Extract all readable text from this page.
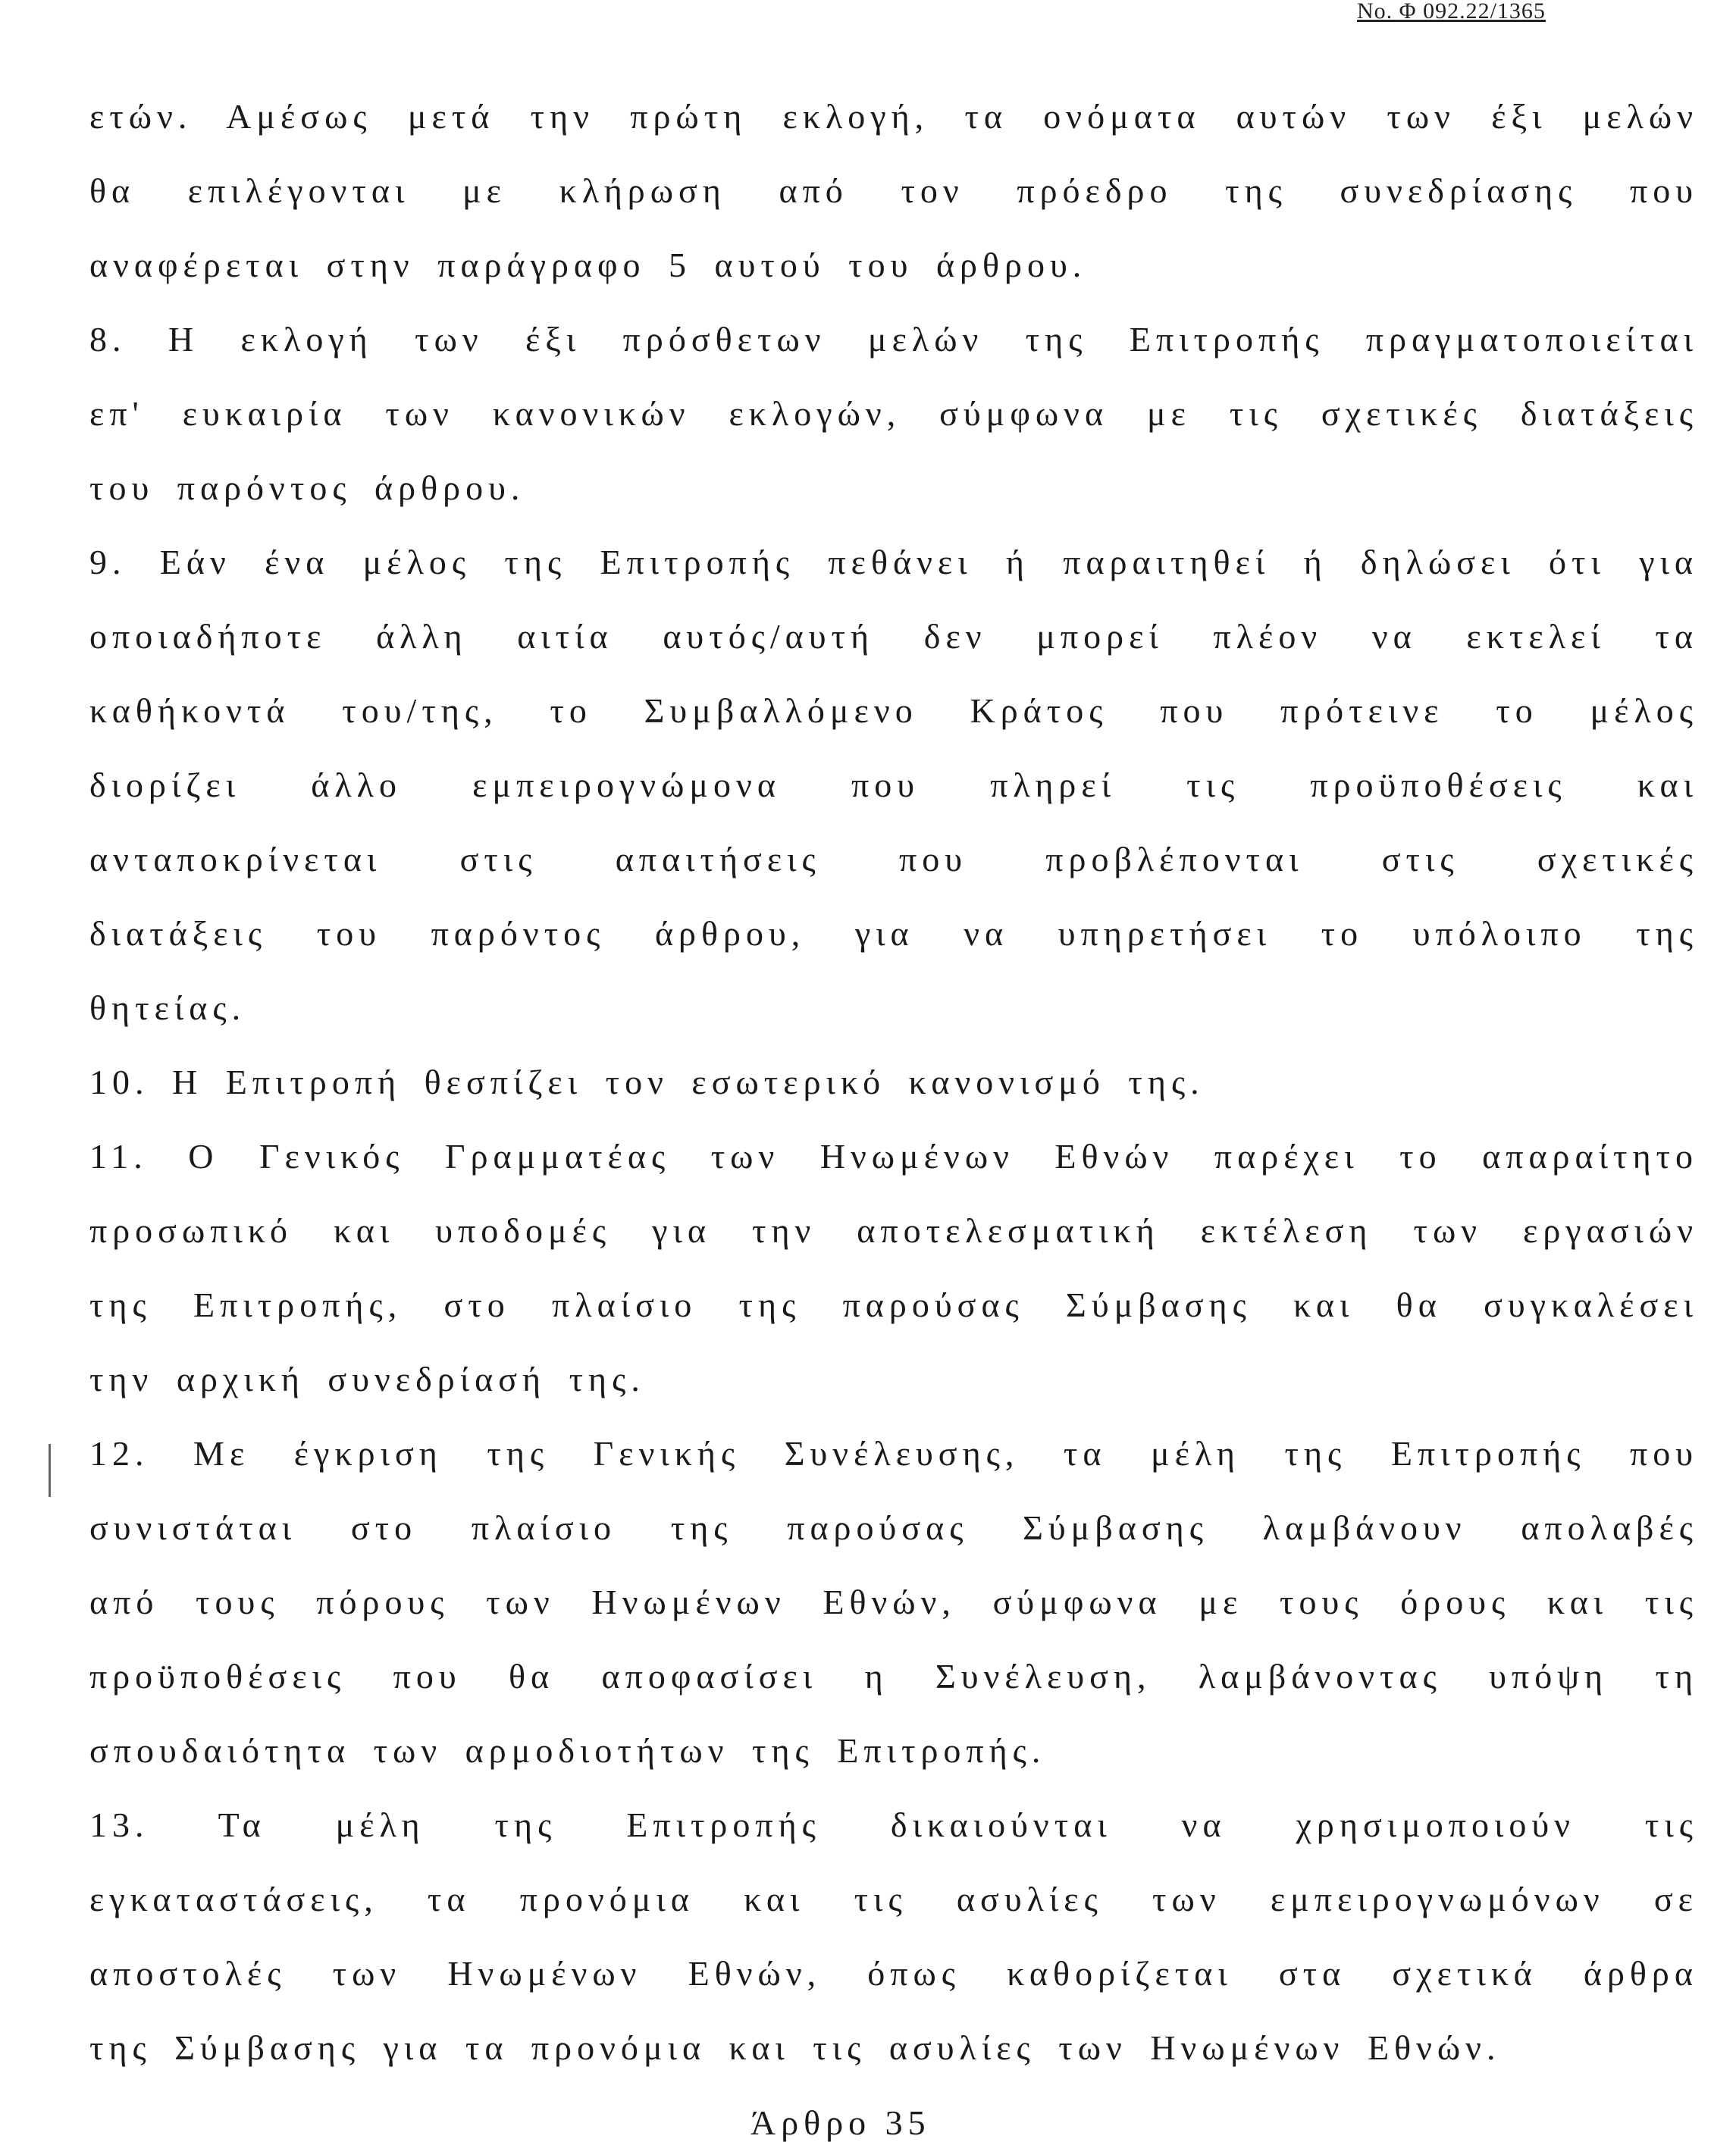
Νο. Φ 092.22/1365
ετών. Αμέσως μετά την πρώτη εκλογή, τα ονόματα αυτών των έξι μελών
θα επιλέγονται με κλήρωση από τον πρόεδρο της συνεδρίασης που
αναφέρεται στην παράγραφο 5 αυτού του άρθρου.
8. Η εκλογή των έξι πρόσθετων μελών της Επιτροπής πραγματοποιείται
επ' ευκαιρία των κανονικών εκλογών, σύμφωνα με τις σχετικές διατάξεις
του παρόντος άρθρου.
9. Εάν ένα μέλος της Επιτροπής πεθάνει ή παραιτηθεί ή δηλώσει ότι για
οποιαδήποτε άλλη αιτία αυτός/αυτή δεν μπορεί πλέον να εκτελεί τα
καθήκοντά του/της, το Συμβαλλόμενο Κράτος που πρότεινε το μέλος
διορίζει άλλο εμπειρογνώμονα που πληρεί τις προϋποθέσεις και
ανταποκρίνεται στις απαιτήσεις που προβλέπονται στις σχετικές
διατάξεις του παρόντος άρθρου, για να υπηρετήσει το υπόλοιπο της
θητείας.
10. Η Επιτροπή θεσπίζει τον εσωτερικό κανονισμό της.
11. Ο Γενικός Γραμματέας των Ηνωμένων Εθνών παρέχει το απαραίτητο
προσωπικό και υποδομές για την αποτελεσματική εκτέλεση των εργασιών
της Επιτροπής, στο πλαίσιο της παρούσας Σύμβασης και θα συγκαλέσει
την αρχική συνεδρίασή της.
12. Με έγκριση της Γενικής Συνέλευσης, τα μέλη της Επιτροπής που
συνιστάται στο πλαίσιο της παρούσας Σύμβασης λαμβάνουν απολαβές
από τους πόρους των Ηνωμένων Εθνών, σύμφωνα με τους όρους και τις
προϋποθέσεις που θα αποφασίσει η Συνέλευση, λαμβάνοντας υπόψη τη
σπουδαιότητα των αρμοδιοτήτων της Επιτροπής.
13. Τα μέλη της Επιτροπής δικαιούνται να χρησιμοποιούν τις
εγκαταστάσεις, τα προνόμια και τις ασυλίες των εμπειρογνωμόνων σε
αποστολές των Ηνωμένων Εθνών, όπως καθορίζεται στα σχετικά άρθρα
της Σύμβασης για τα προνόμια και τις ασυλίες των Ηνωμένων Εθνών.
Άρθρο 35
